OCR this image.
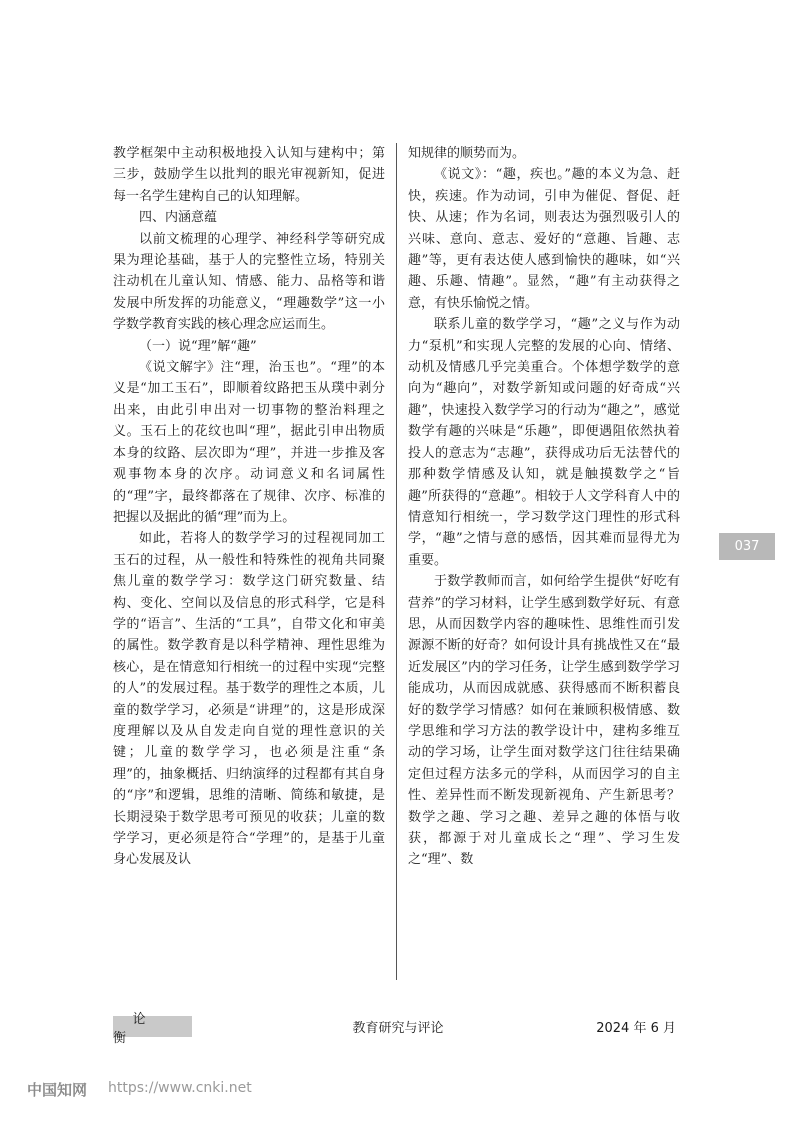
教学框架中主动积极地投入认知与建构中；第三步，鼓励学生以批判的眼光审视新知，促进每一名学生建构自己的认知理解。

四、内涵意蕴

以前文梳理的心理学、神经科学等研究成果为理论基础，基于人的完整性立场，特别关注动机在儿童认知、情感、能力、品格等和谐发展中所发挥的功能意义，“理趣数学”这一小学数学教育实践的核心理念应运而生。

（一）说“理”解“趣”

《说文解字》注“理，治玉也”。“理”的本义是“加工玉石”，即顺着纹路把玉从璞中剥分出来，由此引申出对一切事物的整治料理之义。玉石上的花纹也叫“理”，据此引申出物质本身的纹路、层次即为“理”，并进一步推及客观事物本身的次序。动词意义和名词属性的“理”字，最终都落在了规律、次序、标准的把握以及据此的循“理”而为上。

如此，若将人的数学学习的过程视同加工玉石的过程，从一般性和特殊性的视角共同聚焦儿童的数学学习：数学这门研究数量、结构、变化、空间以及信息的形式科学，它是科学的“语言”、生活的“工具”，自带文化和审美的属性。数学教育是以科学精神、理性思维为核心，是在情意知行相统一的过程中实现“完整的人”的发展过程。基于数学的理性之本质，儿童的数学学习，必须是“讲理”的，这是形成深度理解以及从自发走向自觉的理性意识的关键；儿童的数学学习，也必须是注重“条理”的，抽象概括、归纳演绎的过程都有其自身的“序”和逻辑，思维的清晰、简练和敏捷，是长期浸染于数学思考可预见的收获；儿童的数学学习，更必须是符合“学理”的，是基于儿童身心发展及认

知规律的顺势而为。

《说文》：“趣，疾也。”趣的本义为急、赶快，疾速。作为动词，引申为催促、督促、赶快、从速；作为名词，则表达为强烈吸引人的兴味、意向、意志、爱好的“意趣、旨趣、志趣”等，更有表达使人感到愉快的趣味，如“兴趣、乐趣、情趣”。显然，“趣”有主动获得之意，有快乐愉悦之情。

联系儿童的数学学习，“趣”之义与作为动力“泵机”和实现人完整的发展的心向、情绪、动机及情感几乎完美重合。个体想学数学的意向为“趣向”，对数学新知或问题的好奇成“兴趣”，快速投入数学学习的行动为“趣之”，感觉数学有趣的兴味是“乐趣”，即便遇阻依然执着投人的意志为“志趣”，获得成功后无法替代的那种数学情感及认知，就是触摸数学之“旨趣”所获得的“意趣”。相较于人文学科育人中的情意知行相统一，学习数学这门理性的形式科学，“趣”之情与意的感悟，因其难而显得尤为重要。

于数学教师而言，如何给学生提供“好吃有营养”的学习材料，让学生感到数学好玩、有意思，从而因数学内容的趣味性、思维性而引发源源不断的好奇？如何设计具有挑战性又在“最近发展区”内的学习任务，让学生感到数学学习能成功，从而因成就感、获得感而不断积蓄良好的数学学习情感？如何在兼顾积极情感、数学思维和学习方法的教学设计中，建构多维互动的学习场，让学生面对数学这门往往结果确定但过程方法多元的学科，从而因学习的自主性、差异性而不断发现新视角、产生新思考？数学之趣、学习之趣、差异之趣的体悟与收获，都源于对儿童成长之“理”、学习生发之“理”、数

037
论衡
教育研究与评论	2024 年 6 月
中国知网 https://www.cnki.net
